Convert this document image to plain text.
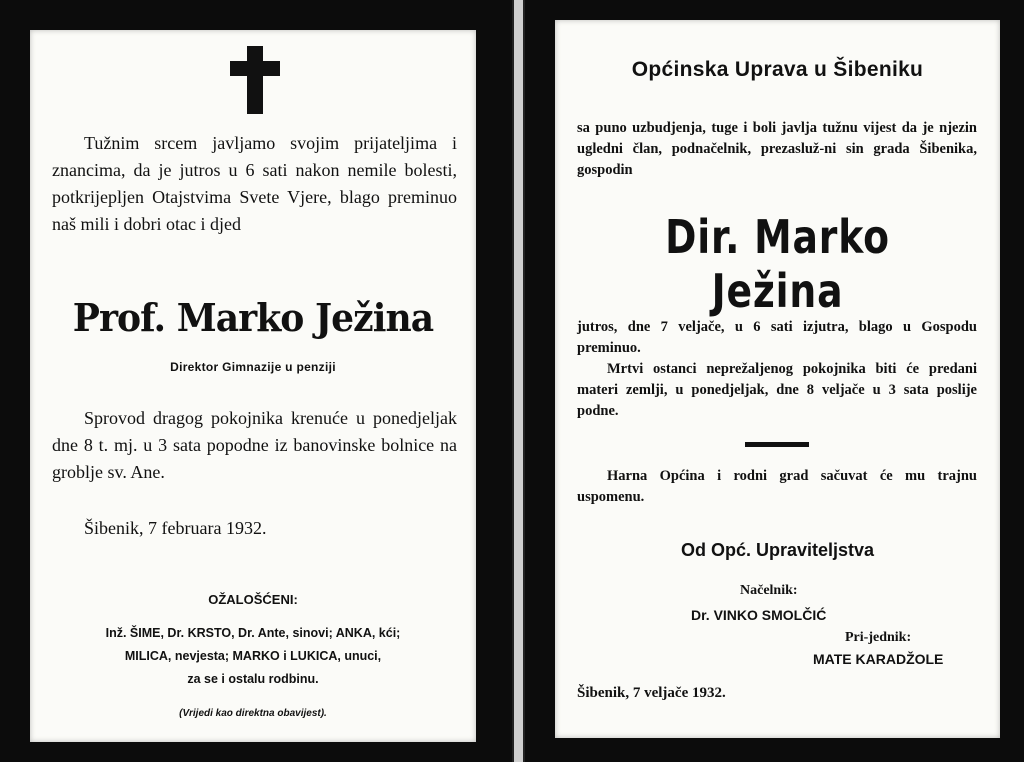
Tužnim srcem javljamo svojim prijateljima i znancima, da je jutros u 6 sati nakon nemile bolesti, potkrijepljen Otajstvima Svete Vjere, blago preminuo naš mili i dobri otac i djed

Prof. Marko Ježina
Direktor Gimnazije u penziji

Sprovod dragog pokojnika krenuće u ponedjeljak dne 8 t. mj. u 3 sata popodne iz banovinske bolnice na groblje sv. Ane.

Šibenik, 7 februara 1932.
OŽALOŠĆENI:
Inž. ŠIME, Dr. KRSTO, Dr. Ante, sinovi; ANKA, kći;
MILICA, nevjesta; MARKO i LUKICA, unuci,
za se i ostalu rodbinu.
(Vrijedi kao direktna obavijest).
Općinska Uprava u Šibeniku

sa puno uzbudjenja, tuge i boli javlja tužnu vijest da je njezin ugledni član, podnačelnik, prezasluž-ni sin grada Šibenika, gospodin

Dir. Marko Ježina

jutros, dne 7 veljače, u 6 sati izjutra, blago u Gospodu preminuo.

Mrtvi ostanci neprežaljenog pokojnika biti će predani materi zemlji, u ponedjeljak, dne 8 veljače u 3 sata poslije podne.

Harna Općina i rodni grad sačuvat će mu trajnu uspomenu.

Od Opć. Upraviteljstva
Načelnik:
Dr. VINKO SMOLČIĆ
Pri-jednik:
MATE KARADŽOLE
Šibenik, 7 veljače 1932.
